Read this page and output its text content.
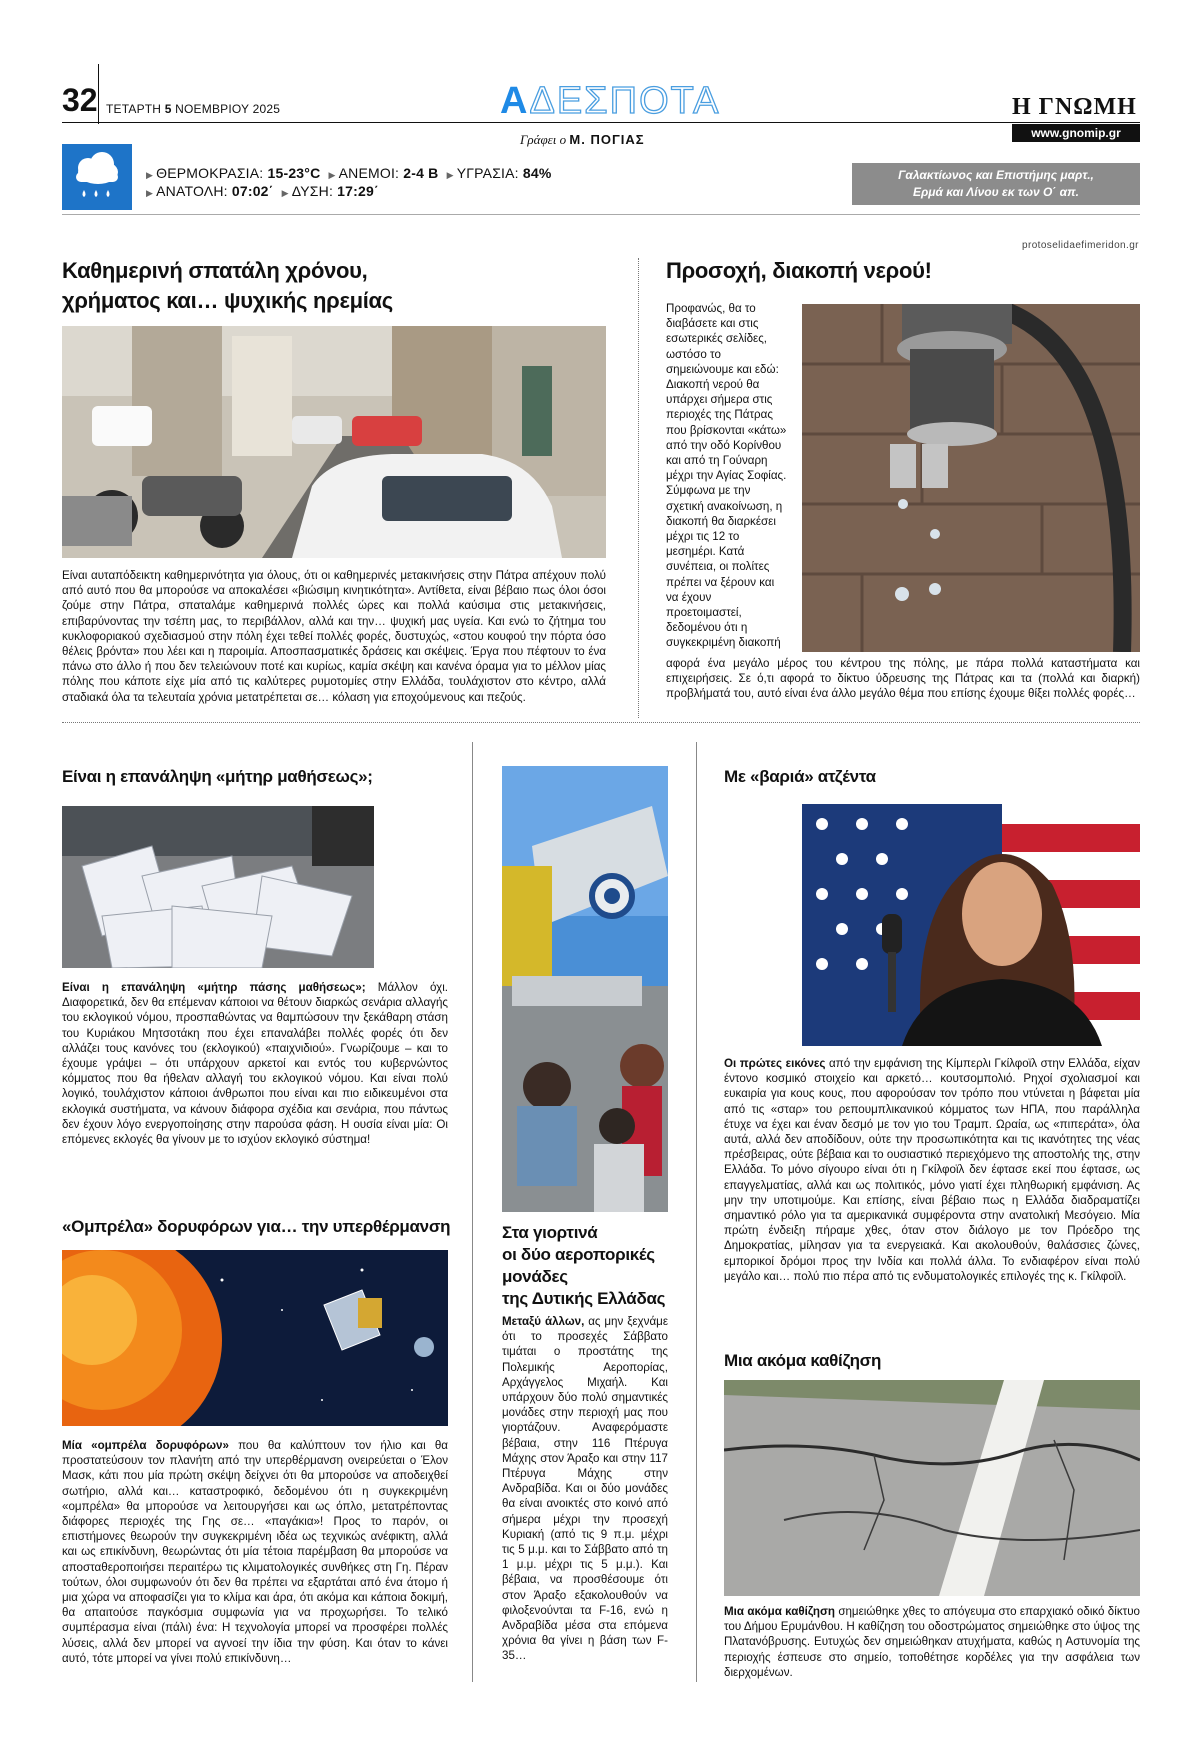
32 ΤΕΤΑΡΤΗ 5 ΝΟΕΜΒΡΙΟΥ 2025	ΑΔΕΣΠΟΤΑ
Γράφει ο Μ. ΠΟΓΙΑΣ
Η ΓΝΩΜΗ
www.gnomip.gr
▶ ΘΕΡΜΟΚΡΑΣΙΑ: 15-23°C ▶ ΑΝΕΜΟΙ: 2-4 Β ▶ ΥΓΡΑΣΙΑ: 84%
▶ ΑΝΑΤΟΛΗ: 07:02΄ ▶ ΔΥΣΗ: 17:29΄
Γαλακτίωνος και Επιστήμης μαρτ.,
Ερμά και Λίνου εκ των Ο΄ απ.
protoselidaefimeridon.gr
Καθημερινή σπατάλη χρόνου,
χρήματος και… ψυχικής ηρεμίας
Είναι αυταπόδεικτη καθημερινότητα για όλους, ότι οι καθημερινές μετακινήσεις στην Πάτρα απέχουν πολύ από αυτό που θα μπορούσε να αποκαλέσει «βιώσιμη κινητικότητα». Αντίθετα, είναι βέβαιο πως όλοι όσοι ζούμε στην Πάτρα, σπαταλάμε καθημερινά πολλές ώρες και πολλά καύσιμα στις μετακινήσεις, επιβαρύνοντας την τσέπη μας, το περιβάλλον, αλλά και την… ψυχική μας υγεία. Και ενώ το ζήτημα του κυκλοφοριακού σχεδιασμού στην πόλη έχει τεθεί πολλές φορές, δυστυχώς, «στου κουφού την πόρτα όσο θέλεις βρόντα» που λέει και η παροιμία. Αποσπασματικές δράσεις και σκέψεις. Έργα που πέφτουν το ένα πάνω στο άλλο ή που δεν τελειώνουν ποτέ και κυρίως, καμία σκέψη και κανένα όραμα για το μέλλον μίας πόλης που κάποτε είχε μία από τις καλύτερες ρυμοτομίες στην Ελλάδα, τουλάχιστον στο κέντρο, αλλά σταδιακά όλα τα τελευταία χρόνια μετατρέπεται σε… κόλαση για εποχούμενους και πεζούς.
Προσοχή, διακοπή νερού!
Προφανώς, θα το διαβάσετε και στις εσωτερικές σελίδες, ωστόσο το σημειώνουμε και εδώ: Διακοπή νερού θα υπάρχει σήμερα στις περιοχές της Πάτρας που βρίσκονται «κάτω» από την οδό Κορίνθου και από τη Γούναρη μέχρι την Αγίας Σοφίας. Σύμφωνα με την σχετική ανακοίνωση, η διακοπή θα διαρκέσει μέχρι τις 12 το μεσημέρι. Κατά συνέπεια, οι πολίτες πρέπει να ξέρουν και να έχουν προετοιμαστεί, δεδομένου ότι η συγκεκριμένη διακοπή
αφορά ένα μεγάλο μέρος του κέντρου της πόλης, με πάρα πολλά καταστήματα και επιχειρήσεις. Σε ό,τι αφορά το δίκτυο ύδρευσης της Πάτρας και τα (πολλά και διαρκή) προβλήματά του, αυτό είναι ένα άλλο μεγάλο θέμα που επίσης έχουμε θίξει πολλές φορές…
Είναι η επανάληψη «μήτηρ μαθήσεως»;
Είναι η επανάληψη «μήτηρ πάσης μαθήσεως»; Μάλλον όχι. Διαφορετικά, δεν θα επέμεναν κάποιοι να θέτουν διαρκώς σενάρια αλλαγής του εκλογικού νόμου, προσπαθώντας να θαμπώσουν την ξεκάθαρη στάση του Κυριάκου Μητσοτάκη που έχει επαναλάβει πολλές φορές ότι δεν αλλάζει τους κανόνες του (εκλογικού) «παιχνιδιού». Γνωρίζουμε – και το έχουμε γράψει – ότι υπάρχουν αρκετοί και εντός του κυβερνώντος κόμματος που θα ήθελαν αλλαγή του εκλογικού νόμου. Και είναι πολύ λογικό, τουλάχιστον κάποιοι άνθρωποι που είναι και πιο ειδικευμένοι στα εκλογικά συστήματα, να κάνουν διάφορα σχέδια και σενάρια, που πάντως δεν έχουν λόγο ενεργοποίησης στην παρούσα φάση. Η ουσία είναι μία: Οι επόμενες εκλογές θα γίνουν με το ισχύον εκλογικό σύστημα!
«Ομπρέλα» δορυφόρων για… την υπερθέρμανση
Μία «ομπρέλα δορυφόρων» που θα καλύπτουν τον ήλιο και θα προστατεύσουν τον πλανήτη από την υπερθέρμανση ονειρεύεται ο Έλον Μασκ, κάτι που μία πρώτη σκέψη δείχνει ότι θα μπορούσε να αποδειχθεί σωτήριο, αλλά και… καταστροφικό, δεδομένου ότι η συγκεκριμένη «ομπρέλα» θα μπορούσε να λειτουργήσει και ως όπλο, μετατρέποντας διάφορες περιοχές της Γης σε… «παγάκια»! Προς το παρόν, οι επιστήμονες θεωρούν την συγκεκριμένη ιδέα ως τεχνικώς ανέφικτη, αλλά και ως επικίνδυνη, θεωρώντας ότι μία τέτοια παρέμβαση θα μπορούσε να αποσταθεροποιήσει περαιτέρω τις κλιματολογικές συνθήκες στη Γη. Πέραν τούτων, όλοι συμφωνούν ότι δεν θα πρέπει να εξαρτάται από ένα άτομο ή μια χώρα να αποφασίζει για το κλίμα και άρα, ότι ακόμα και κάποια δοκιμή, θα απαιτούσε παγκόσμια συμφωνία για να προχωρήσει. Το τελικό συμπέρασμα είναι (πάλι) ένα: Η τεχνολογία μπορεί να προσφέρει πολλές λύσεις, αλλά δεν μπορεί να αγνοεί την ίδια την φύση. Και όταν το κάνει αυτό, τότε μπορεί να γίνει πολύ επικίνδυνη…
Στα γιορτινά
οι δύο αεροπορικές
μονάδες
της Δυτικής Ελλάδας
Μεταξύ άλλων, ας μην ξεχνάμε ότι το προσεχές Σάββατο τιμάται ο προστάτης της Πολεμικής Αεροπορίας, Αρχάγγελος Μιχαήλ. Και υπάρχουν δύο πολύ σημαντικές μονάδες στην περιοχή μας που γιορτάζουν. Αναφερόμαστε βέβαια, στην 116 Πτέρυγα Μάχης στον Άραξο και στην 117 Πτέρυγα Μάχης στην Ανδραβίδα. Και οι δύο μονάδες θα είναι ανοικτές στο κοινό από σήμερα μέχρι την προσεχή Κυριακή (από τις 9 π.μ. μέχρι τις 5 μ.μ. και το Σάββατο από τη 1 μ.μ. μέχρι τις 5 μ.μ.). Και βέβαια, να προσθέσουμε ότι στον Άραξο εξακολουθούν να φιλοξενούνται τα F-16, ενώ η Ανδραβίδα μέσα στα επόμενα χρόνια θα γίνει η βάση των F-35…
Με «βαριά» ατζέντα
Οι πρώτες εικόνες από την εμφάνιση της Κίμπερλι Γκίλφοϊλ στην Ελλάδα, είχαν έντονο κοσμικό στοιχείο και αρκετό… κουτσομπολιό. Ρηχοί σχολιασμοί και ευκαιρία για κους κους, που αφορούσαν τον τρόπο που ντύνεται η βάφεται μία από τις «σταρ» του ρεπουμπλικανικού κόμματος των ΗΠΑ, που παράλληλα έτυχε να έχει και έναν δεσμό με τον γιο του Τραμπ. Ωραία, ως «πιπεράτα», όλα αυτά, αλλά δεν αποδίδουν, ούτε την προσωπικότητα και τις ικανότητες της νέας πρέσβειρας, ούτε βέβαια και το ουσιαστικό περιεχόμενο της αποστολής της, στην Ελλάδα. Το μόνο σίγουρο είναι ότι η Γκίλφοϊλ δεν έφτασε εκεί που έφτασε, ως επαγγελματίας, αλλά και ως πολιτικός, μόνο γιατί έχει πληθωρική εμφάνιση. Ας μην την υποτιμούμε. Και επίσης, είναι βέβαιο πως η Ελλάδα διαδραματίζει σημαντικό ρόλο για τα αμερικανικά συμφέροντα στην ανατολική Μεσόγειο. Μία πρώτη ένδειξη πήραμε χθες, όταν στον διάλογο με τον Πρόεδρο της Δημοκρατίας, μίλησαν για τα ενεργειακά. Και ακολουθούν, θαλάσσιες ζώνες, εμπορικοί δρόμοι προς την Ινδία και πολλά άλλα. Το ενδιαφέρον είναι πολύ μεγάλο και… πολύ πιο πέρα από τις ενδυματολογικές επιλογές της κ. Γκίλφοϊλ.
Μια ακόμα καθίζηση
Μια ακόμα καθίζηση σημειώθηκε χθες το απόγευμα στο επαρχιακό οδικό δίκτυο του Δήμου Ερυμάνθου. Η καθίζηση του οδοστρώματος σημειώθηκε στο ύψος της Πλατανόβρυσης. Ευτυχώς δεν σημειώθηκαν ατυχήματα, καθώς η Αστυνομία της περιοχής έσπευσε στο σημείο, τοποθέτησε κορδέλες για την ασφάλεια των διερχομένων.
